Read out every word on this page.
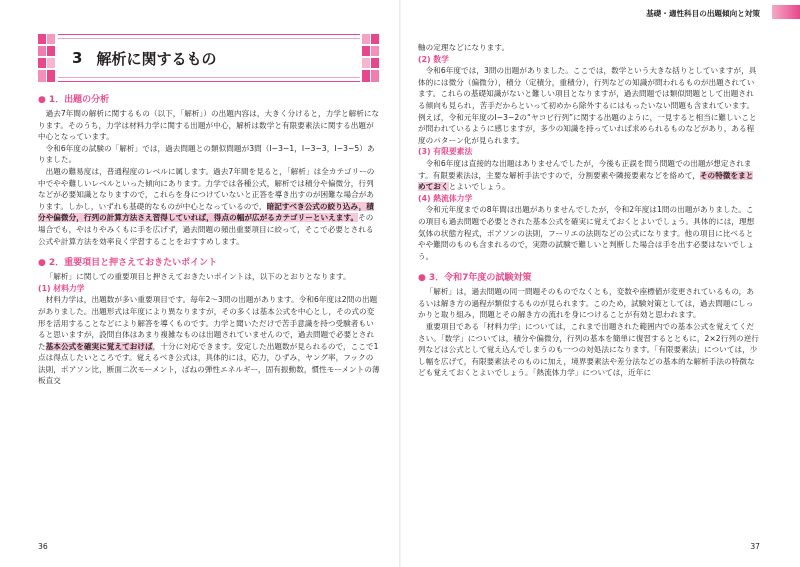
3 解析に関するもの
● 1．出題の分析

過去7年間の解析に関するもの（以下，「解析」）の出題内容は，大きく分けると，力学と解析になります。そのうち，力学は材料力学に関する出題が中心，解析は数学と有限要素法に関する出題が中心となっています。

令和6年度の試験の「解析」では，過去問題との類似問題が3問（Ⅰ−3−1，Ⅰ−3−3，Ⅰ−3−5）ありました。

出題の難易度は，普通程度のレベルに属します。過去7年間を見ると，「解析」は全カテゴリーの中でやや難しいレベルといった傾向にあります。力学では各種公式，解析では積分や偏微分，行列などが必要知識となりますので，これらを身につけていないと正答を導き出すのが困難な場合があります。しかし，いずれも基礎的なものが中心となっているので，暗記すべき公式の絞り込み，積分や偏微分，行列の計算方法さえ習得していれば，得点の幅が広がるカテゴリーといえます。その場合でも，やはりやみくもに手を広げず，過去問題の頻出重要項目に絞って，そこで必要とされる公式や計算方法を効率良く学習することをおすすめします。

● 2．重要項目と押さえておきたいポイント

「解析」に関しての重要項目と押さえておきたいポイントは，以下のとおりとなります。

(1) 材料力学

材料力学は，出題数が多い重要項目です。毎年2〜3問の出題があります。令和6年度は2問の出題がありました。出題形式は年度により異なりますが，その多くは基本公式を中心とし，その式の変形を活用することなどにより解答を導くものです。力学と聞いただけで苦手意識を持つ受験者もいると思いますが，設問自体はあまり複雑なものは出題されていませんので，過去問題で必要とされた基本公式を確実に覚えておけば，十分に対応できます。安定した出題数が見られるので，ここで1点は得点したいところです。覚えるべき公式は，具体的には，応力，ひずみ，ヤング率，フックの法則，ポアソン比，断面二次モーメント，ばねの弾性エネルギー，固有振動数，慣性モーメントの薄板直交

36
基礎・適性科目の出題傾向と対策

軸の定理などになります。

(2) 数学

令和6年度では，3問の出題がありました。ここでは，数学という大きな括りとしていますが，具体的には微分（偏微分），積分（定積分，重積分），行列などの知識が問われるものが出題されています。これらの基礎知識がないと難しい項目となりますが，過去問題では類似問題として出題される傾向も見られ，苦手だからといって初めから除外するにはもったいない問題も含まれています。例えば，令和元年度のⅠ−3−2の“ヤコビ行列”に関する出題のように，一見すると相当に難しいことが問われているように感じますが，多少の知識を持っていれば求められるものなどがあり，ある程度のパターン化が見られます。

(3) 有限要素法

令和6年度は直接的な出題はありませんでしたが，今後も正誤を問う問題での出題が想定されます。有限要素法は，主要な解析手法ですので，分割要素や隣接要素などを絡めて，その特徴をまとめておくとよいでしょう。

(4) 熱流体力学

令和元年度までの8年間は出題がありませんでしたが，令和2年度は1問の出題がありました。この項目も過去問題で必要とされた基本公式を確実に覚えておくとよいでしょう。具体的には，理想気体の状態方程式，ボアソンの法則，フーリエの法則などの公式になります。他の項目に比べるとやや難問のものも含まれるので，実際の試験で難しいと判断した場合は手を出す必要はないでしょう。

● 3．令和7年度の試験対策

「解析」は，過去問題の同一問題そのものでなくとも，変数や座標値が変更されているもの，あるいは解き方の過程が類似するものが見られます。このため，試験対策としては，過去問題にしっかりと取り組み，問題とその解き方の流れを身につけることが有効と思われます。

重要項目である「材料力学」については，これまで出題された範囲内での基本公式を覚えてください。「数学」については，積分や偏微分，行列の基本を簡単に復習するとともに，2×2行列の逆行列などは公式として覚え込んでしまうのも一つの対処法になります。「有限要素法」については，少し幅を広げて，有限要素法そのものに加え，境界要素法や差分法などの基本的な解析手法の特徴なども覚えておくとよいでしょう。「熱流体力学」については，近年に

37
